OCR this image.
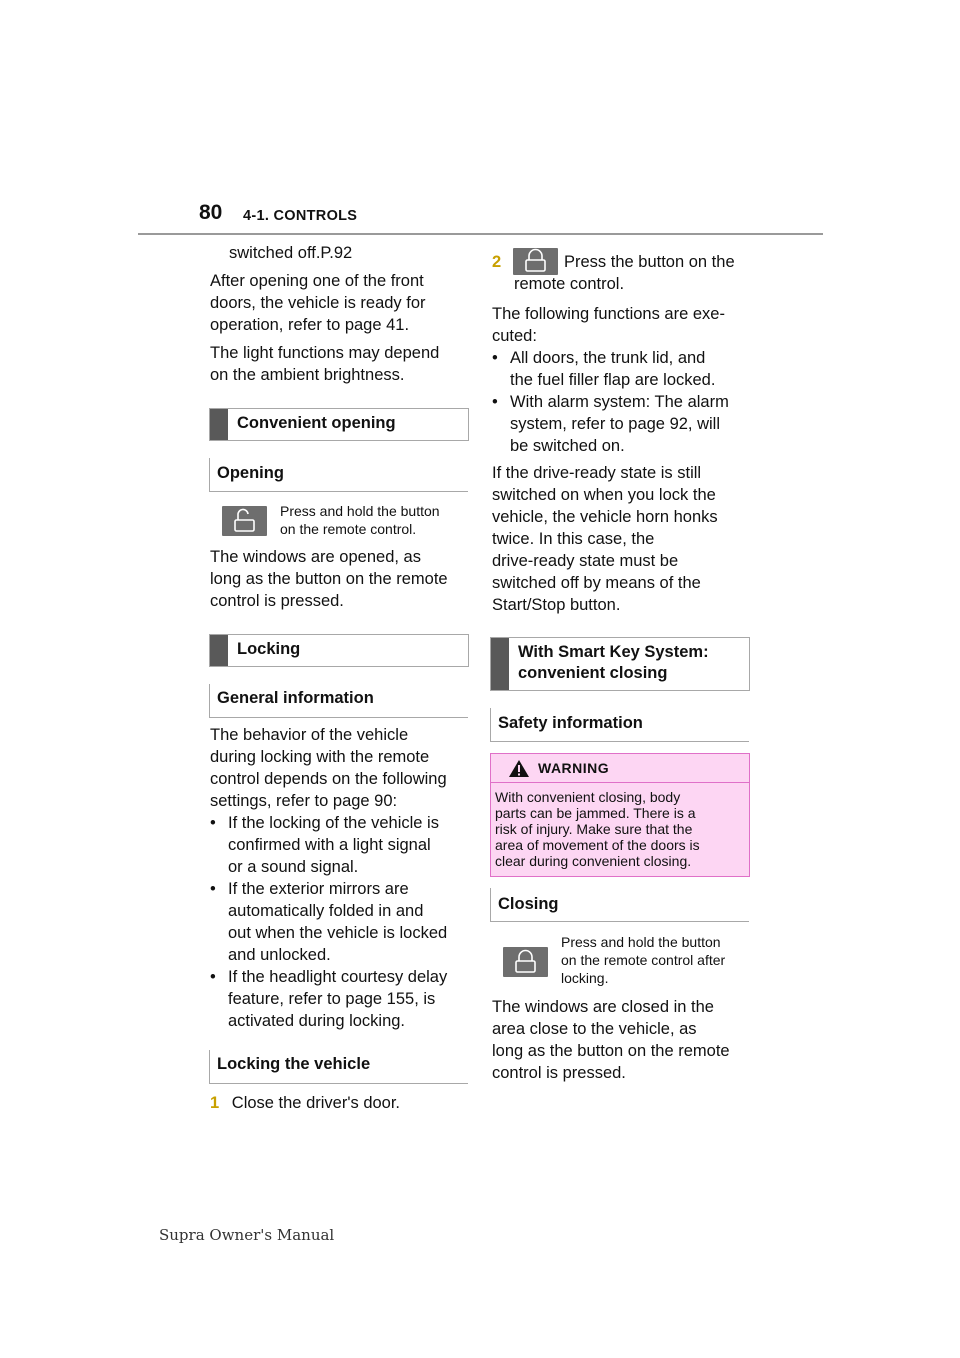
80 4-1. CONTROLS
switched off.P.92
After opening one of the front
doors, the vehicle is ready for
operation, refer to page 41.
The light functions may depend
on the ambient brightness.
Convenient opening
Opening
Press and hold the button
on the remote control.
The windows are opened, as
long as the button on the remote
control is pressed.
Locking
General information
The behavior of the vehicle
during locking with the remote
control depends on the following
settings, refer to page 90:
• If the locking of the vehicle is
confirmed with a light signal
or a sound signal.
• If the exterior mirrors are
automatically folded in and
out when the vehicle is locked
and unlocked.
• If the headlight courtesy delay
feature, refer to page 155, is
activated during locking.
Locking the vehicle
1 Close the driver's door.
2	Press the button on the
remote control.
The following functions are exe-
cuted:
• All doors, the trunk lid, and
the fuel filler flap are locked.
• With alarm system: The alarm
system, refer to page 92, will
be switched on.
If the drive-ready state is still
switched on when you lock the
vehicle, the vehicle horn honks
twice. In this case, the
drive-ready state must be
switched off by means of the
Start/Stop button.
With Smart Key System:
convenient closing
Safety information
WARNING
With convenient closing, body
parts can be jammed. There is a
risk of injury. Make sure that the
area of movement of the doors is
clear during convenient closing.
Closing
Press and hold the button
on the remote control after
locking.
The windows are closed in the
area close to the vehicle, as
long as the button on the remote
control is pressed.
Supra Owner's Manual
